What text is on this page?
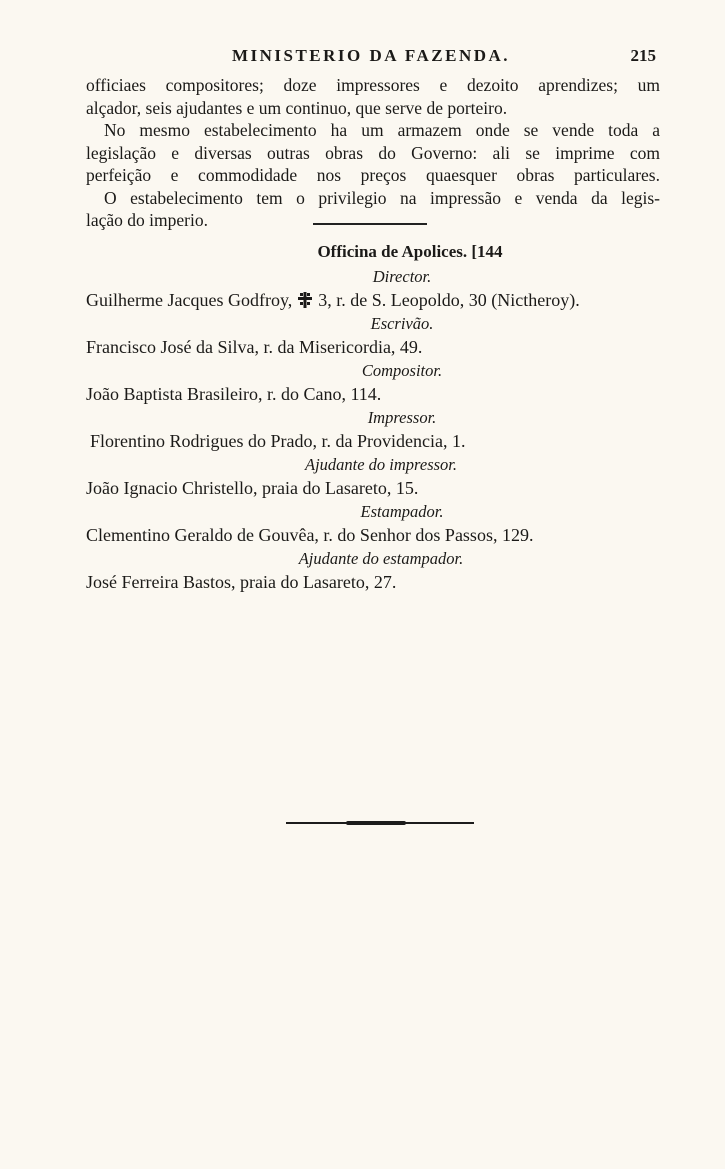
MINISTERIO DA FAZENDA.	215

officiaes compositores; doze impressores e dezoito aprendizes; um
alçador, seis ajudantes e um continuo, que serve de porteiro.

No mesmo estabelecimento ha um armazem onde se vende toda a
legislação e diversas outras obras do Governo: ali se imprime com
perfeição e commodidade nos preços quaesquer obras particulares.

O estabelecimento tem o privilegio na impressão e venda da legis-
lação do imperio.

Officina de Apolices. [144
Director.
Guilherme Jacques Godfroy, 3, r. de S. Leopoldo, 30 (Nictheroy).
Escrivão.
Francisco José da Silva, r. da Misericordia, 49.
Compositor.
João Baptista Brasileiro, r. do Cano, 114.
Impressor.
Florentino Rodrigues do Prado, r. da Providencia, 1.
Ajudante do impressor.
João Ignacio Christello, praia do Lasareto, 15.
Estampador.
Clementino Geraldo de Gouvêa, r. do Senhor dos Passos, 129.
Ajudante do estampador.
José Ferreira Bastos, praia do Lasareto, 27.
